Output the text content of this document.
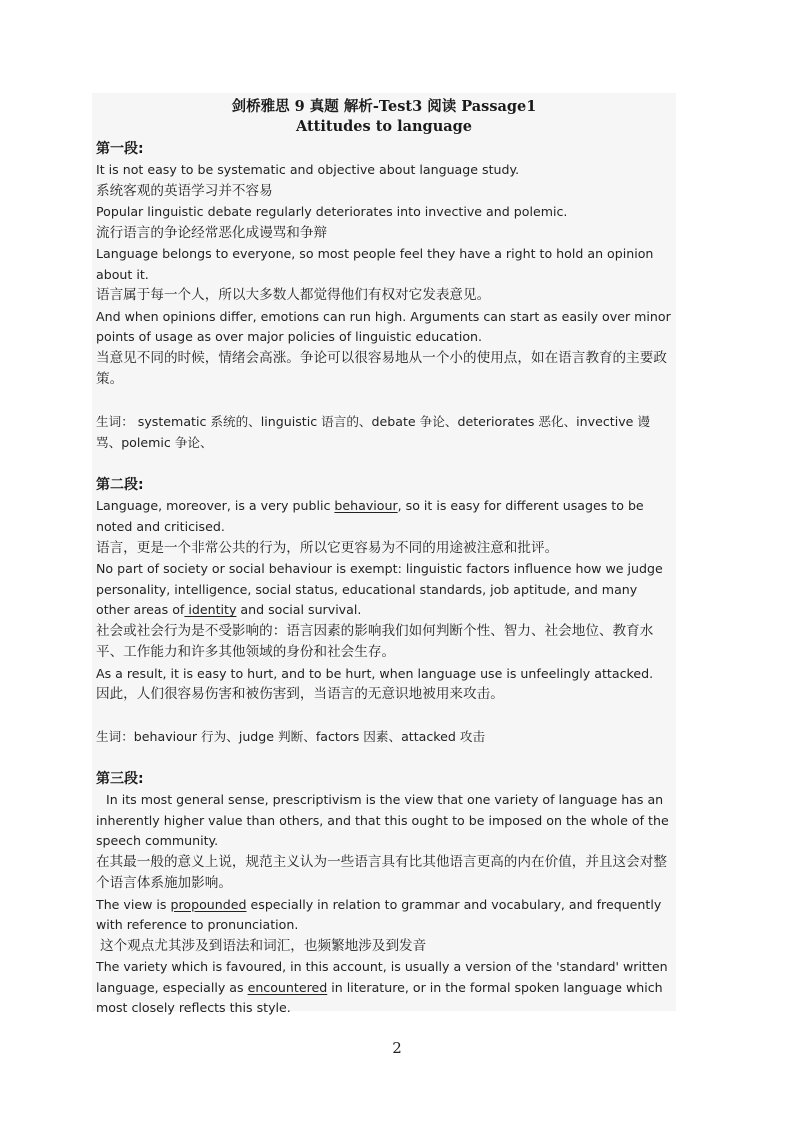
剑桥雅思 9 真题 解析-Test3 阅读 Passage1
Attitudes to language
第一段:
It is not easy to be systematic and objective about language study.
系统客观的英语学习并不容易
Popular linguistic debate regularly deteriorates into invective and polemic.
流行语言的争论经常恶化成谩骂和争辩
Language belongs to everyone, so most people feel they have a right to hold an opinion about it.
语言属于每一个人，所以大多数人都觉得他们有权对它发表意见。
And when opinions differ, emotions can run high. Arguments can start as easily over minor points of usage as over major policies of linguistic education.
当意见不同的时候，情绪会高涨。争论可以很容易地从一个小的使用点，如在语言教育的主要政策。
生词： systematic 系统的、linguistic 语言的、debate 争论、deteriorates 恶化、invective 谩骂、polemic 争论、
第二段:
Language, moreover, is a very public behaviour, so it is easy for different usages to be noted and criticised.
语言，更是一个非常公共的行为，所以它更容易为不同的用途被注意和批评。
No part of society or social behaviour is exempt: linguistic factors influence how we judge personality, intelligence, social status, educational standards, job aptitude, and many other areas of identity and social survival.
社会或社会行为是不受影响的：语言因素的影响我们如何判断个性、智力、社会地位、教育水平、工作能力和许多其他领域的身份和社会生存。
As a result, it is easy to hurt, and to be hurt, when language use is unfeelingly attacked.
因此，人们很容易伤害和被伤害到，当语言的无意识地被用来攻击。
生词：behaviour 行为、judge 判断、factors 因素、attacked 攻击
第三段:
In its most general sense, prescriptivism is the view that one variety of language has an inherently higher value than others, and that this ought to be imposed on the whole of the speech community.
在其最一般的意义上说，规范主义认为一些语言具有比其他语言更高的内在价值，并且这会对整个语言体系施加影响。
The view is propounded especially in relation to grammar and vocabulary, and frequently with reference to pronunciation.
这个观点尤其涉及到语法和词汇，也频繁地涉及到发音
The variety which is favoured, in this account, is usually a version of the 'standard' written language, especially as encountered in literature, or in the formal spoken language which most closely reflects this style.
2
